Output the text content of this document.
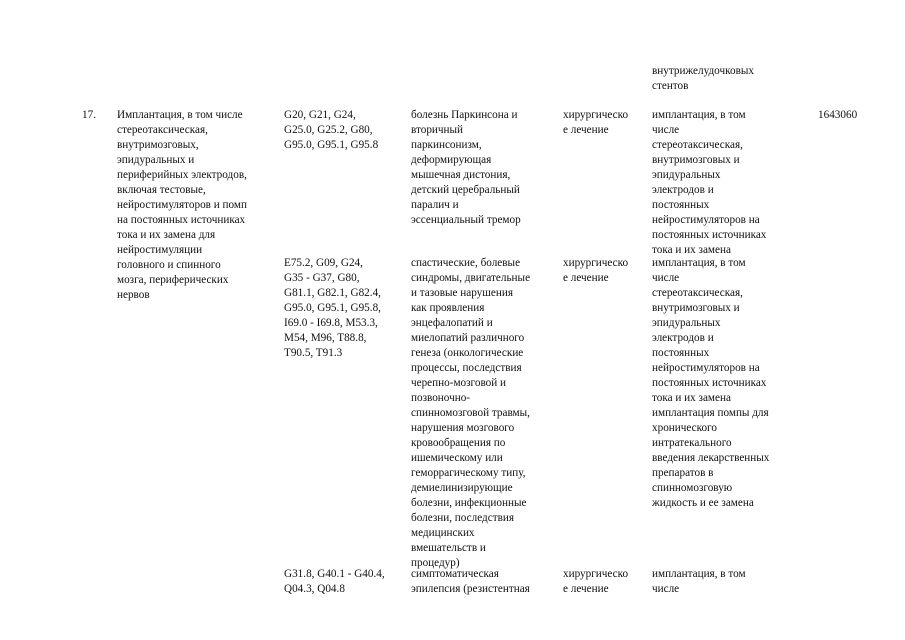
внутрижелудочковых
стентов
17. Имплантация, в том числе
стереотаксическая,
внутримозговых,
эпидуральных и
периферийных электродов,
включая тестовые,
нейростимуляторов и помп
на постоянных источниках
тока и их замена для
нейростимуляции
головного и спинного
мозга, периферических
нервов
1643060
G20, G21, G24,
G25.0, G25.2, G80,
G95.0, G95.1, G95.8
болезнь Паркинсона и
вторичный
паркинсонизм,
деформирующая
мышечная дистония,
детский церебральный
паралич и
эссенциальный тремор
хирургическо
е лечение
имплантация, в том
числе
стереотаксическая,
внутримозговых и
эпидуральных
электродов и
постоянных
нейростимуляторов на
постоянных источниках
тока и их замена
E75.2, G09, G24,
G35 - G37, G80,
G81.1, G82.1, G82.4,
G95.0, G95.1, G95.8,
I69.0 - I69.8, M53.3,
M54, M96, T88.8,
T90.5, T91.3
спастические, болевые
синдромы, двигательные
и тазовые нарушения
как проявления
энцефалопатий и
миелопатий различного
генеза (онкологические
процессы, последствия
черепно-мозговой и
позвоночно-
спинномозговой травмы,
нарушения мозгового
кровообращения по
ишемическому или
геморрагическому типу,
демиелинизирующие
болезни, инфекционные
болезни, последствия
медицинских
вмешательств и
процедур)
хирургическо
е лечение
имплантация, в том
числе
стереотаксическая,
внутримозговых и
эпидуральных
электродов и
постоянных
нейростимуляторов на
постоянных источниках
тока и их замена
имплантация помпы для
хронического
интратекального
введения лекарственных
препаратов в
спинномозговую
жидкость и ее замена
G31.8, G40.1 - G40.4,
Q04.3, Q04.8
симптоматическая
эпилепсия (резистентная
хирургическо
е лечение
имплантация, в том
числе
